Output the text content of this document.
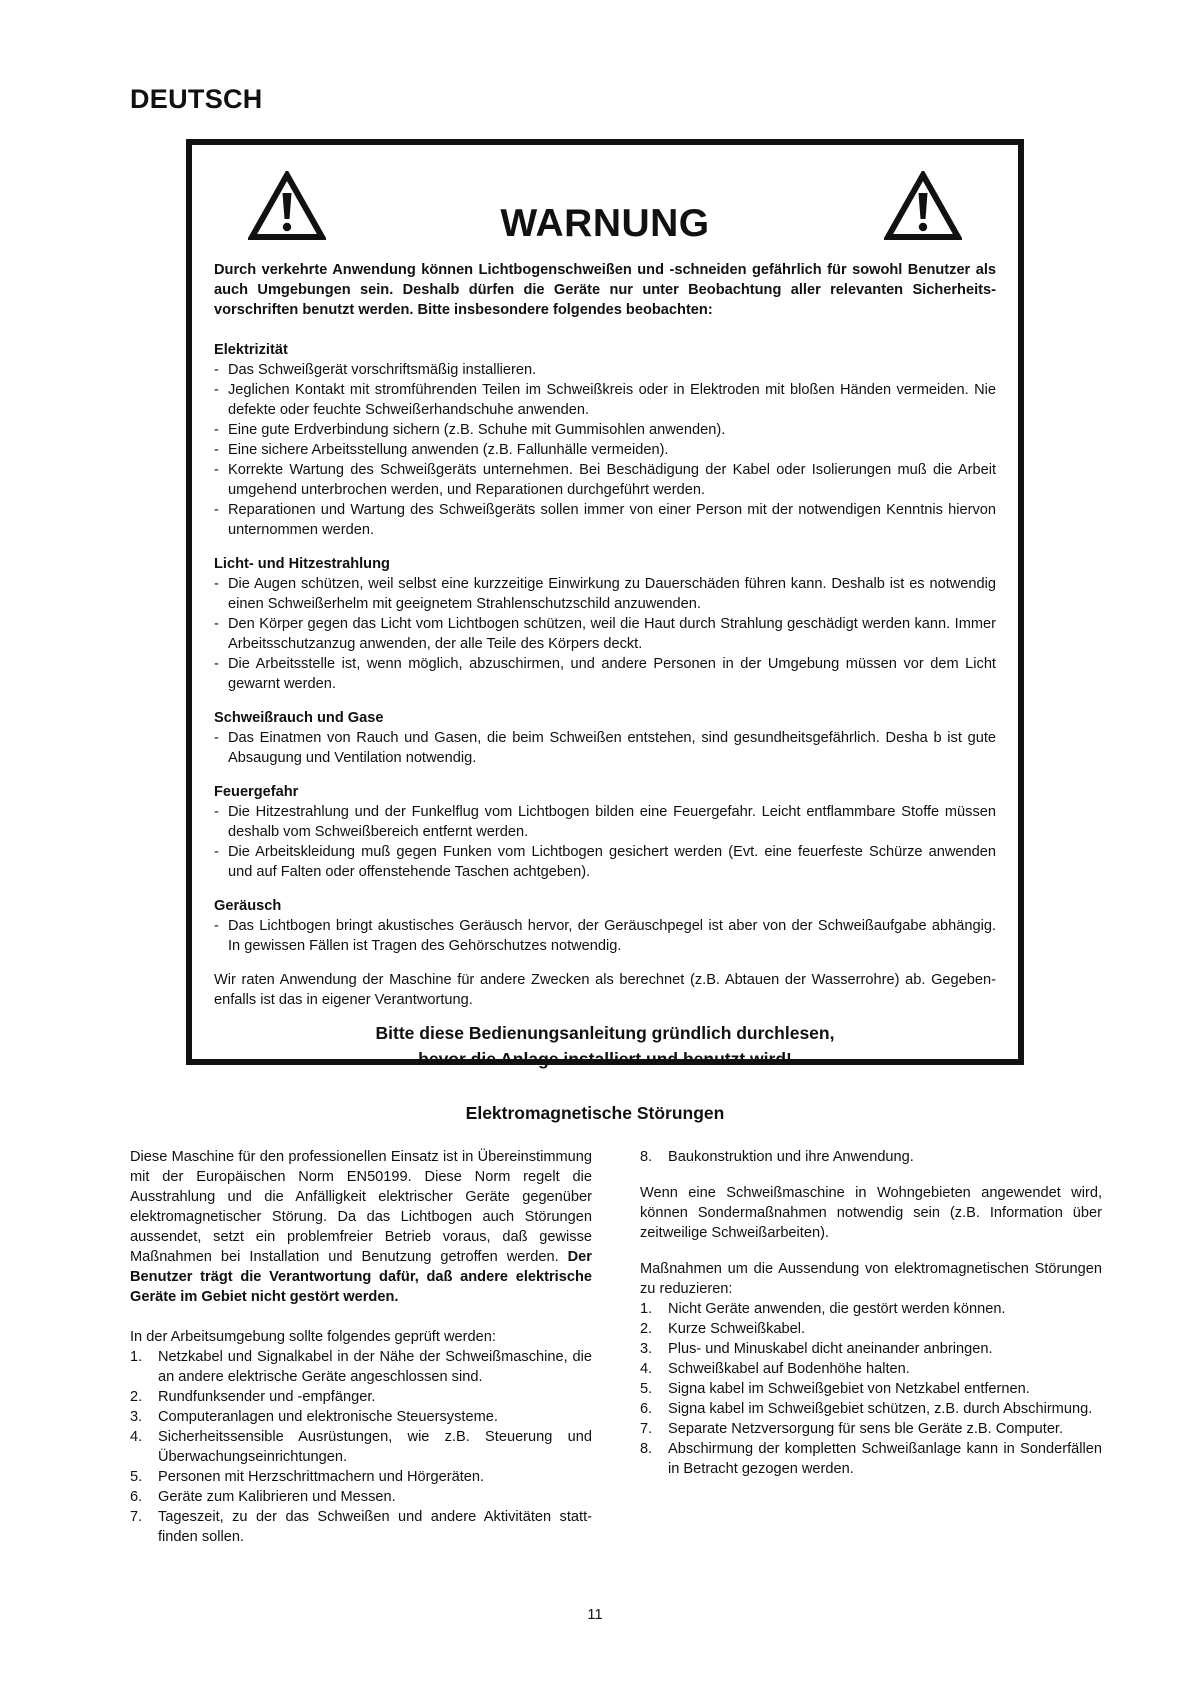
DEUTSCH
WARNUNG

Durch verkehrte Anwendung können Lichtbogenschweißen und -schneiden gefährlich für sowohl Benutzer als auch Umgebungen sein. Deshalb dürfen die Geräte nur unter Beobachtung aller relevanten Sicherheitsvorschriften benutzt werden. Bitte insbesondere folgendes beobachten:

Elektrizität

- Das Schweißgerät vorschriftsmäßig installieren.
- Jeglichen Kontakt mit stromführenden Teilen im Schweißkreis oder in Elektroden mit bloßen Händen vermeiden. Nie defekte oder feuchte Schweißerhandschuhe anwenden.
- Eine gute Erdverbindung sichern (z.B. Schuhe mit Gummisohlen anwenden).
- Eine sichere Arbeitsstellung anwenden (z.B. Fallunhälle vermeiden).
- Korrekte Wartung des Schweißgeräts unternehmen. Bei Beschädigung der Kabel oder Isolierungen muß die Arbeit umgehend unterbrochen werden, und Reparationen durchgeführt werden.
- Reparationen und Wartung des Schweißgeräts sollen immer von einer Person mit der notwendigen Kenntnis hiervon unternommen werden.

Licht- und Hitzestrahlung

- Die Augen schützen, weil selbst eine kurzzeitige Einwirkung zu Dauerschäden führen kann. Deshalb ist es notwendig einen Schweißerhelm mit geeignetem Strahlenschutzschild anzuwenden.
- Den Körper gegen das Licht vom Lichtbogen schützen, weil die Haut durch Strahlung geschädigt werden kann. Immer Arbeitsschutzanzug anwenden, der alle Teile des Körpers deckt.
- Die Arbeitsstelle ist, wenn möglich, abzuschirmen, und andere Personen in der Umgebung müssen vor dem Licht gewarnt werden.

Schweißrauch und Gase

- Das Einatmen von Rauch und Gasen, die beim Schweißen entstehen, sind gesundheitsgefährlich. Desha b ist gute Absaugung und Ventilation notwendig.

Feuergefahr

- Die Hitzestrahlung und der Funkelflug vom Lichtbogen bilden eine Feuergefahr. Leicht entflammbare Stoffe müssen deshalb vom Schweißbereich entfernt werden.
- Die Arbeitskleidung muß gegen Funken vom Lichtbogen gesichert werden (Evt. eine feuerfeste Schürze anwenden und auf Falten oder offenstehende Taschen achtgeben).

Geräusch

- Das Lichtbogen bringt akustisches Geräusch hervor, der Geräuschpegel ist aber von der Schweißaufgabe abhängig. In gewissen Fällen ist Tragen des Gehörschutzes notwendig.

Wir raten Anwendung der Maschine für andere Zwecken als berechnet (z.B. Abtauen der Wasserrohre) ab. Gegebenenfalls ist das in eigener Verantwortung.

Bitte diese Bedienungsanleitung gründlich durchlesen,
bevor die Anlage installiert und benutzt wird!

Elektromagnetische Störungen

Diese Maschine für den professionellen Einsatz ist in Übereinstimmung mit der Europäischen Norm EN50199. Diese Norm regelt die Ausstrahlung und die Anfälligkeit elektrischer Geräte gegenüber elektromagnetischer Störung. Da das Lichtbogen auch Störungen aussendet, setzt ein problemfreier Betrieb voraus, daß gewisse Maßnahmen bei Installation und Benutzung getroffen werden. Der Benutzer trägt die Verantwortung dafür, daß andere elektrische Geräte im Gebiet nicht gestört werden.

In der Arbeitsumgebung sollte folgendes geprüft werden:

1. Netzkabel und Signalkabel in der Nähe der Schweißmaschine, die an andere elektrische Geräte angeschlossen sind.
2. Rundfunksender und -empfänger.
3. Computeranlagen und elektronische Steuersysteme.
4. Sicherheitssensible Ausrüstungen, wie z.B. Steuerung und Überwachungseinrichtungen.
5. Personen mit Herzschrittmachern und Hörgeräten.
6. Geräte zum Kalibrieren und Messen.
7. Tageszeit, zu der das Schweißen und andere Aktivitäten stattfinden sollen.
8. Baukonstruktion und ihre Anwendung.

Wenn eine Schweißmaschine in Wohngebieten angewendet wird, können Sondermaßnahmen notwendig sein (z.B. Information über zeitweilige Schweißarbeiten).

Maßnahmen um die Aussendung von elektromagnetischen Störungen zu reduzieren:

1. Nicht Geräte anwenden, die gestört werden können.
2. Kurze Schweißkabel.
3. Plus- und Minuskabel dicht aneinander anbringen.
4. Schweißkabel auf Bodenhöhe halten.
5. Signa kabel im Schweißgebiet von Netzkabel entfernen.
6. Signa kabel im Schweißgebiet schützen, z.B. durch Abschirmung.
7. Separate Netzversorgung für sens ble Geräte z.B. Computer.
8. Abschirmung der kompletten Schweißanlage kann in Sonderfällen in Betracht gezogen werden.
11
